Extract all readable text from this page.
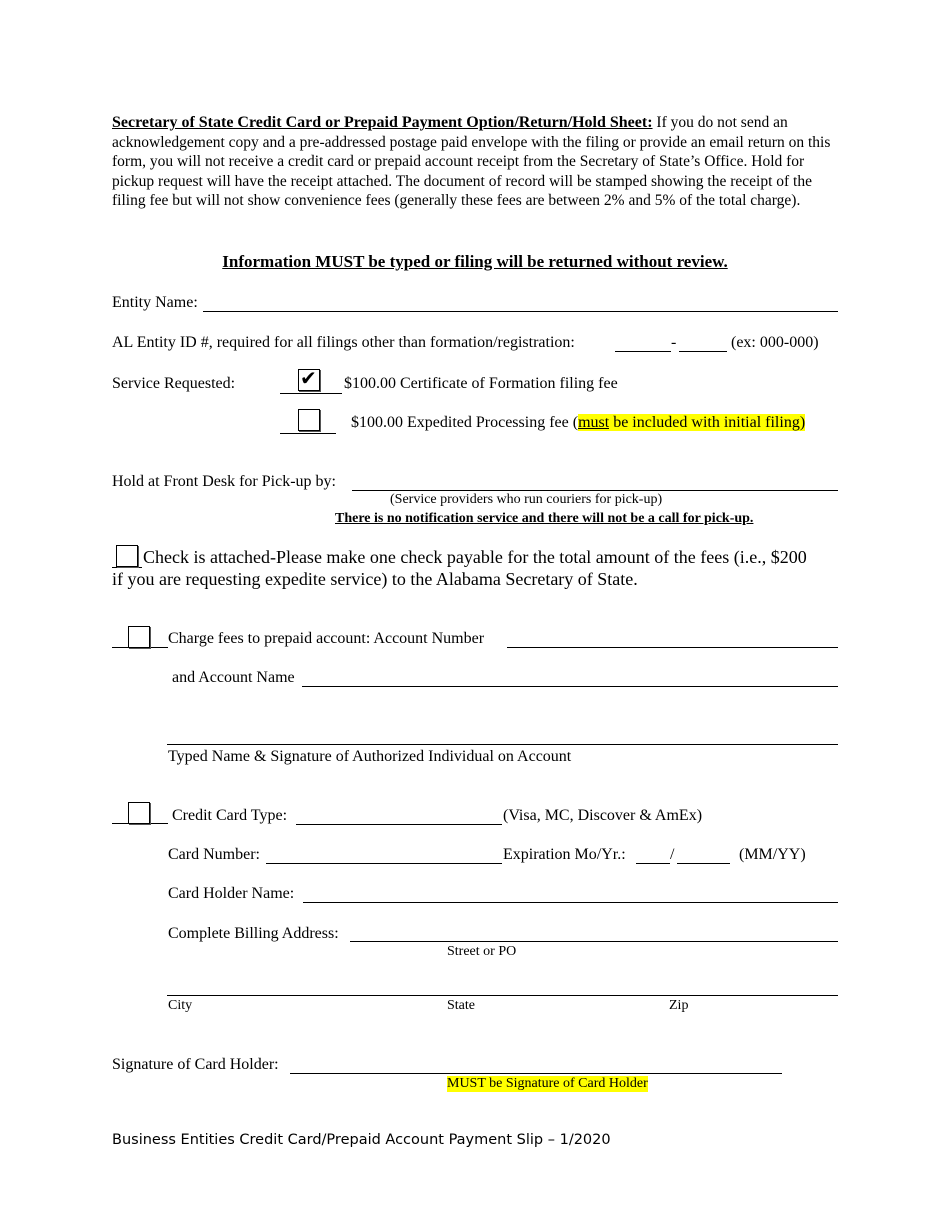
Secretary of State Credit Card or Prepaid Payment Option/Return/Hold Sheet: If you do not send an acknowledgement copy and a pre-addressed postage paid envelope with the filing or provide an email return on this form, you will not receive a credit card or prepaid account receipt from the Secretary of State’s Office. Hold for pickup request will have the receipt attached. The document of record will be stamped showing the receipt of the filing fee but will not show convenience fees (generally these fees are between 2% and 5% of the total charge).
Information MUST be typed or filing will be returned without review.
Entity Name:
AL Entity ID #, required for all filings other than formation/registration:	-	(ex: 000-000)
Service Requested:
✔	$100.00 Certificate of Formation filing fee
$100.00 Expedited Processing fee (must be included with initial filing)
Hold at Front Desk for Pick-up by:
(Service providers who run couriers for pick-up)
There is no notification service and there will not be a call for pick-up.
Check is attached-Please make one check payable for the total amount of the fees (i.e., $200
if you are requesting expedite service) to the Alabama Secretary of State.
Charge fees to prepaid account: Account Number
and Account Name
Typed Name & Signature of Authorized Individual on Account
Credit Card Type:	(Visa, MC, Discover & AmEx)
Card Number:	Expiration Mo/Yr.:	/	(MM/YY)
Card Holder Name:
Complete Billing Address:
Street or PO
City	State	Zip
Signature of Card Holder:
MUST be Signature of Card Holder
Business Entities Credit Card/Prepaid Account Payment Slip – 1/2020
